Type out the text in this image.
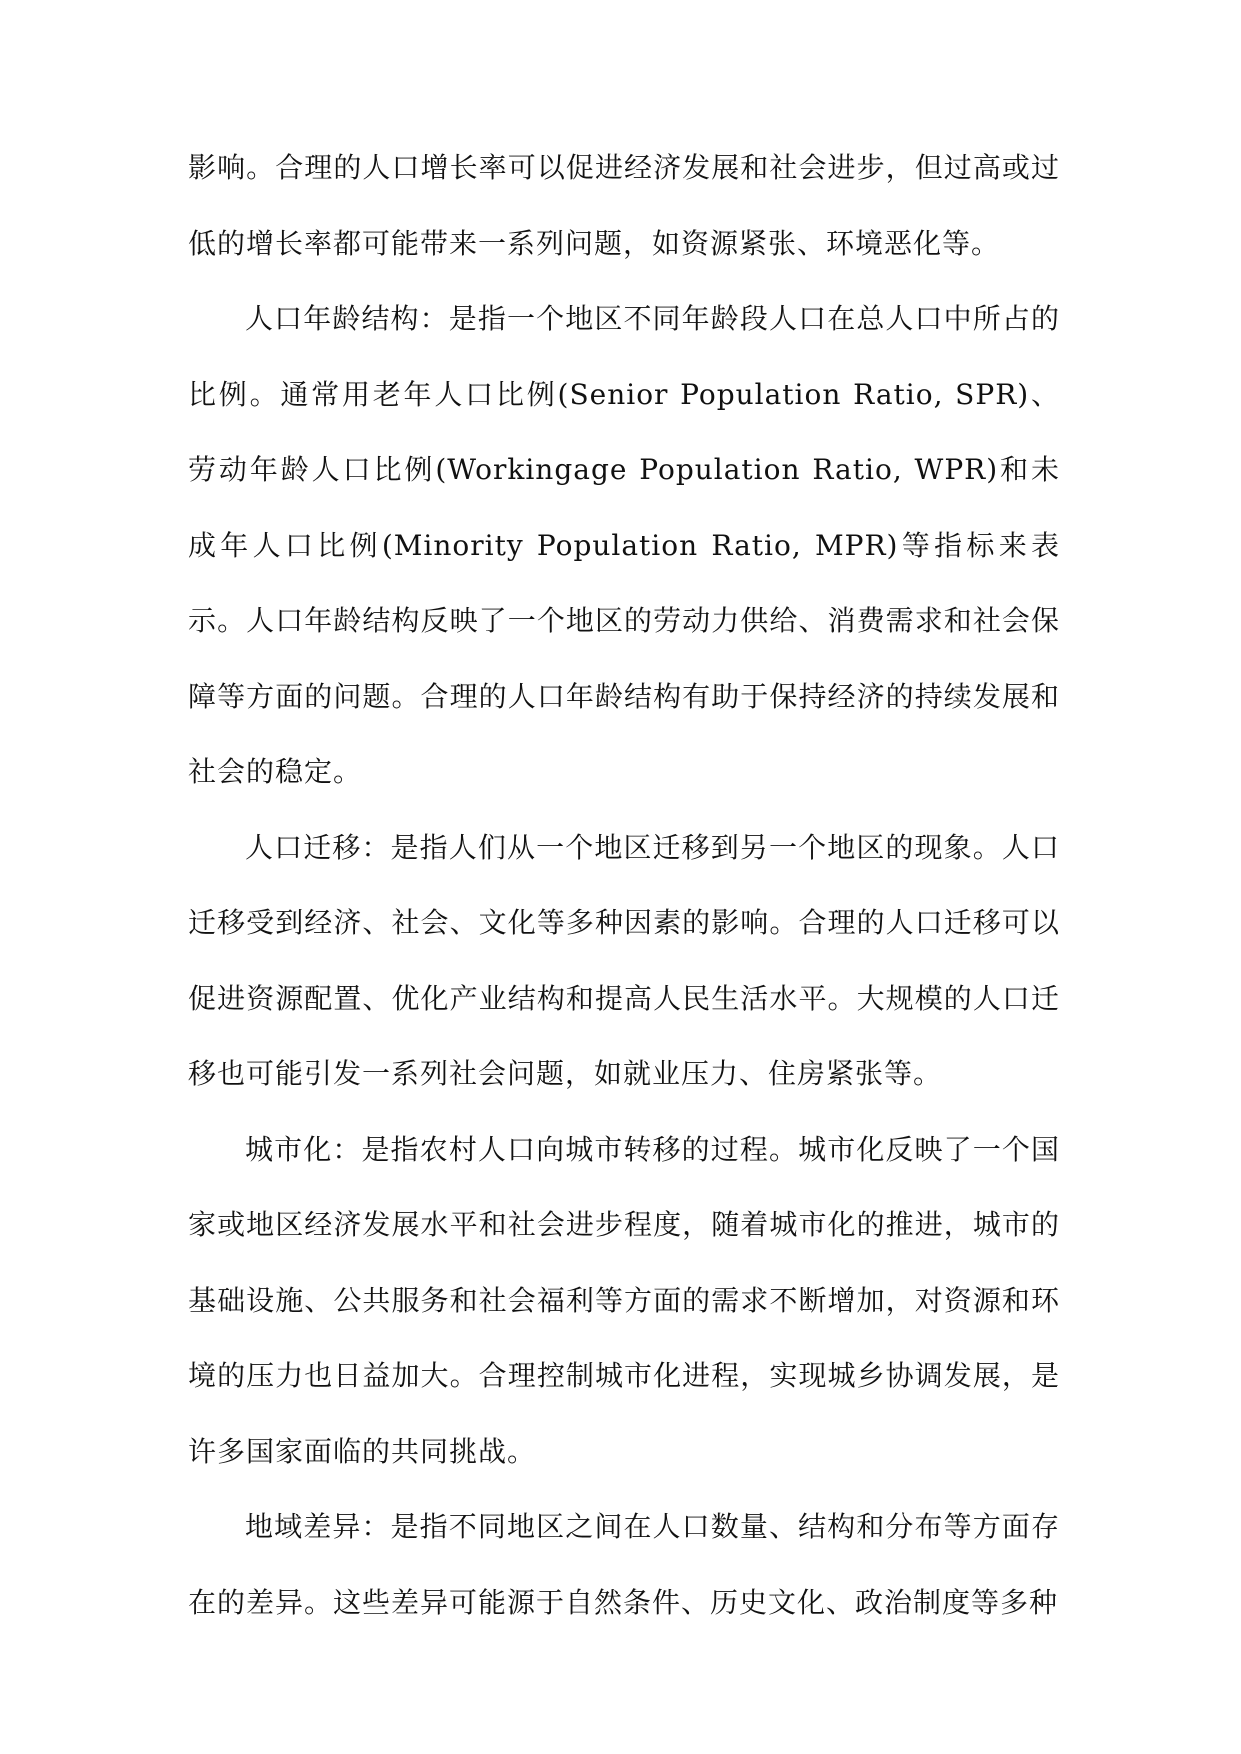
影响。合理的人口增长率可以促进经济发展和社会进步，但过高或过低的增长率都可能带来一系列问题，如资源紧张、环境恶化等。

人口年龄结构：是指一个地区不同年龄段人口在总人口中所占的比例。通常用老年人口比例(Senior Population Ratio, SPR)、劳动年龄人口比例(Workingage Population Ratio, WPR)和未成年人口比例(Minority Population Ratio, MPR)等指标来表示。人口年龄结构反映了一个地区的劳动力供给、消费需求和社会保障等方面的问题。合理的人口年龄结构有助于保持经济的持续发展和社会的稳定。

人口迁移：是指人们从一个地区迁移到另一个地区的现象。人口迁移受到经济、社会、文化等多种因素的影响。合理的人口迁移可以促进资源配置、优化产业结构和提高人民生活水平。大规模的人口迁移也可能引发一系列社会问题，如就业压力、住房紧张等。

城市化：是指农村人口向城市转移的过程。城市化反映了一个国家或地区经济发展水平和社会进步程度，随着城市化的推进，城市的基础设施、公共服务和社会福利等方面的需求不断增加，对资源和环境的压力也日益加大。合理控制城市化进程，实现城乡协调发展，是许多国家面临的共同挑战。

地域差异：是指不同地区之间在人口数量、结构和分布等方面存在的差异。这些差异可能源于自然条件、历史文化、政治制度等多种
